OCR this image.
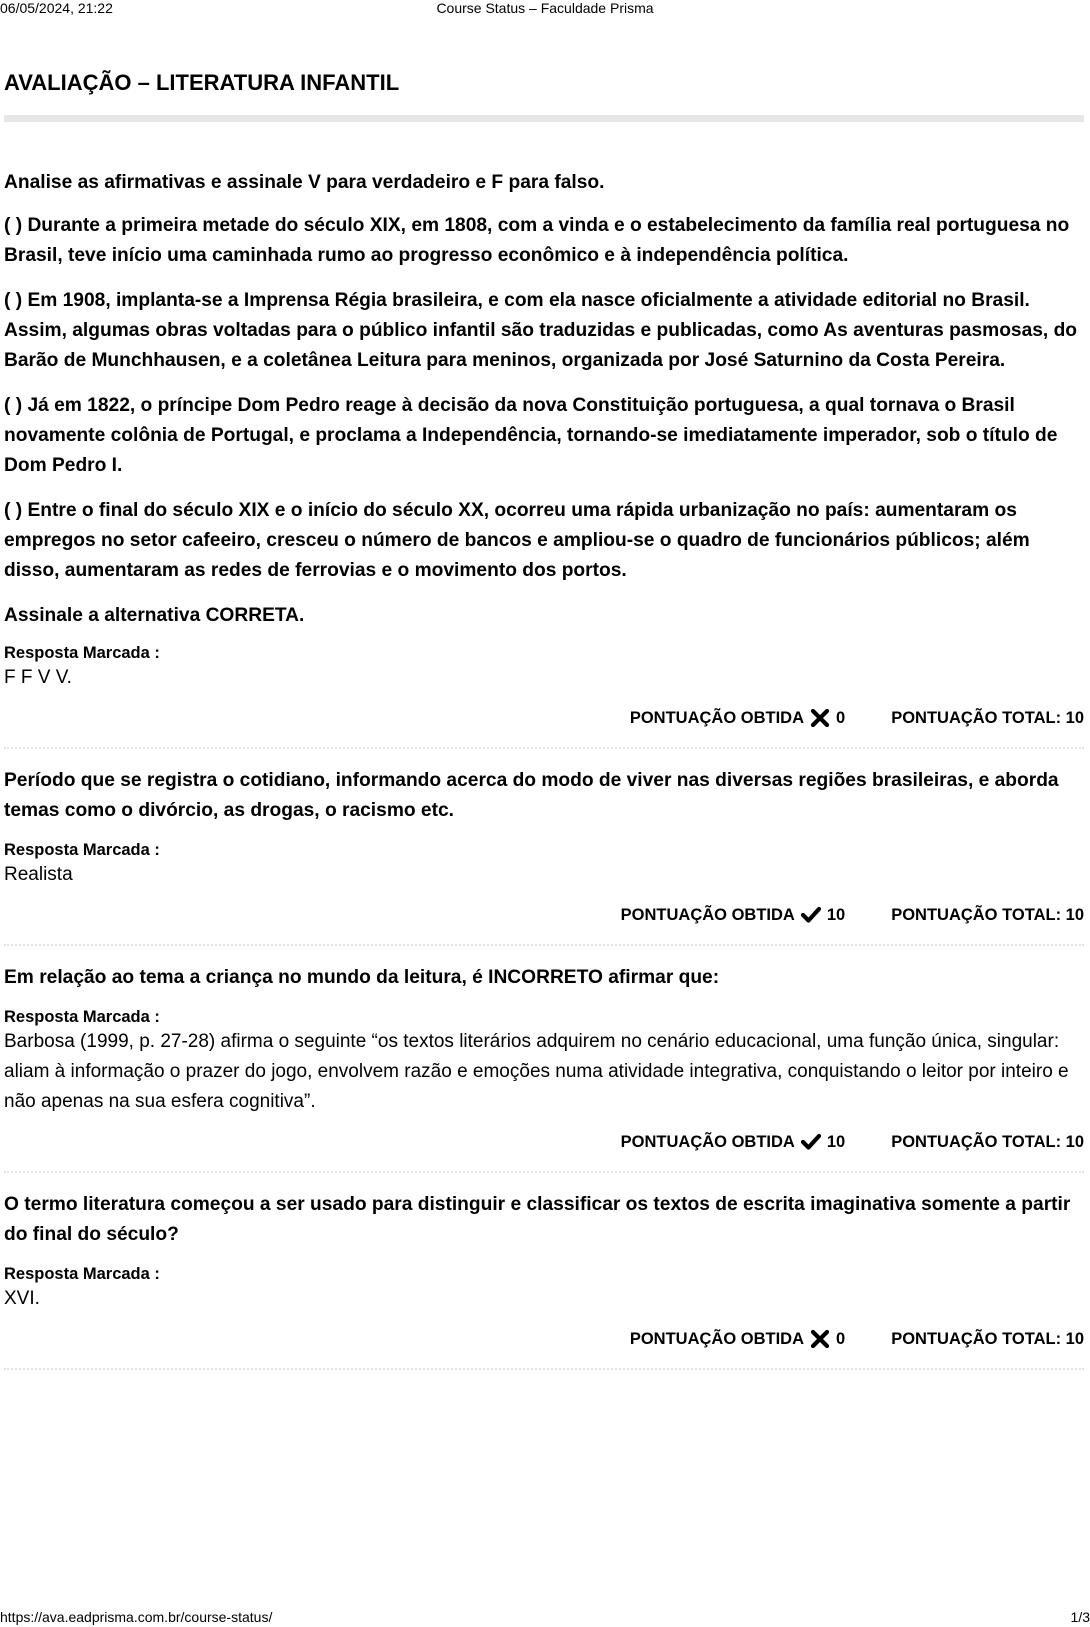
06/05/2024, 21:22	Course Status – Faculdade Prisma
AVALIAÇÃO – LITERATURA INFANTIL

Analise as afirmativas e assinale V para verdadeiro e F para falso.

( ) Durante a primeira metade do século XIX, em 1808, com a vinda e o estabelecimento da família real portuguesa no Brasil, teve início uma caminhada rumo ao progresso econômico e à independência política.

( ) Em 1908, implanta-se a Imprensa Régia brasileira, e com ela nasce oficialmente a atividade editorial no Brasil. Assim, algumas obras voltadas para o público infantil são traduzidas e publicadas, como As aventuras pasmosas, do Barão de Munchhausen, e a coletânea Leitura para meninos, organizada por José Saturnino da Costa Pereira.

( ) Já em 1822, o príncipe Dom Pedro reage à decisão da nova Constituição portuguesa, a qual tornava o Brasil novamente colônia de Portugal, e proclama a Independência, tornando-se imediatamente imperador, sob o título de Dom Pedro I.

( ) Entre o final do século XIX e o início do século XX, ocorreu uma rápida urbanização no país: aumentaram os empregos no setor cafeeiro, cresceu o número de bancos e ampliou-se o quadro de funcionários públicos; além disso, aumentaram as redes de ferrovias e o movimento dos portos.

Assinale a alternativa CORRETA.

Resposta Marcada :

F F V V.

PONTUAÇÃO OBTIDA 0	PONTUAÇÃO TOTAL: 10

Período que se registra o cotidiano, informando acerca do modo de viver nas diversas regiões brasileiras, e aborda temas como o divórcio, as drogas, o racismo etc.

Resposta Marcada :

Realista

PONTUAÇÃO OBTIDA 10	PONTUAÇÃO TOTAL: 10

Em relação ao tema a criança no mundo da leitura, é INCORRETO afirmar que:

Resposta Marcada :

Barbosa (1999, p. 27-28) afirma o seguinte “os textos literários adquirem no cenário educacional, uma função única, singular: aliam à informação o prazer do jogo, envolvem razão e emoções numa atividade integrativa, conquistando o leitor por inteiro e não apenas na sua esfera cognitiva”.

PONTUAÇÃO OBTIDA 10	PONTUAÇÃO TOTAL: 10

O termo literatura começou a ser usado para distinguir e classificar os textos de escrita imaginativa somente a partir do final do século?

Resposta Marcada :

XVI.

PONTUAÇÃO OBTIDA 0	PONTUAÇÃO TOTAL: 10
https://ava.eadprisma.com.br/course-status/	1/3
